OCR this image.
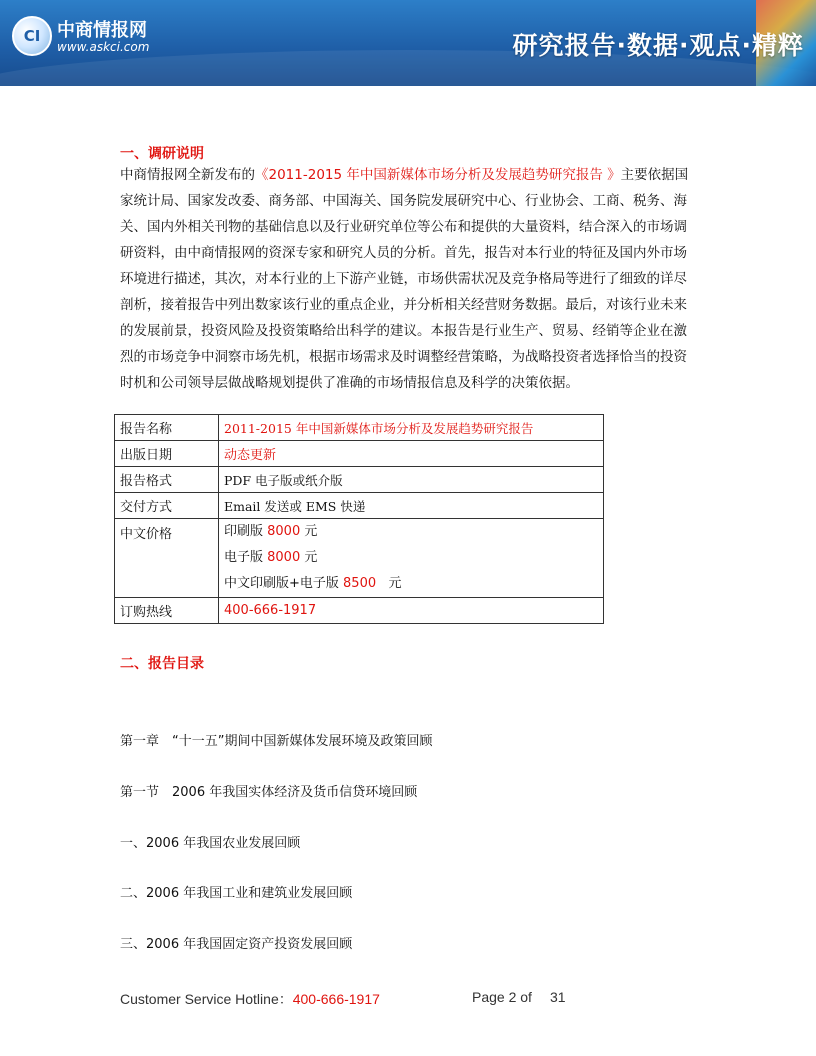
CI 中商情报网
www.askci.com	研究报告·数据·观点·精粹
一、调研说明
中商情报网全新发布的《2011-2015 年中国新媒体市场分析及发展趋势研究报告 》主要依据国家统计局、国家发改委、商务部、中国海关、国务院发展研究中心、行业协会、工商、税务、海关、国内外相关刊物的基础信息以及行业研究单位等公布和提供的大量资料，结合深入的市场调研资料，由中商情报网的资深专家和研究人员的分析。首先，报告对本行业的特征及国内外市场环境进行描述，其次，对本行业的上下游产业链，市场供需状况及竞争格局等进行了细致的详尽剖析，接着报告中列出数家该行业的重点企业，并分析相关经营财务数据。最后，对该行业未来的发展前景，投资风险及投资策略给出科学的建议。本报告是行业生产、贸易、经销等企业在激烈的市场竞争中洞察市场先机，根据市场需求及时调整经营策略，为战略投资者选择恰当的投资时机和公司领导层做战略规划提供了准确的市场情报信息及科学的决策依据。
报告名称	2011-2015 年中国新媒体市场分析及发展趋势研究报告
出版日期	动态更新
报告格式	PDF 电子版或纸介版
交付方式	Email 发送或 EMS 快递
中文价格	印刷版 8000 元
电子版 8000 元
中文印刷版+电子版 8500   元

订购热线	400-666-1917
二、报告目录
第一章　“十一五”期间中国新媒体发展环境及政策回顾
第一节　2006 年我国实体经济及货币信贷环境回顾
一、2006 年我国农业发展回顾
二、2006 年我国工业和建筑业发展回顾
三、2006 年我国固定资产投资发展回顾
Customer Service Hotline：400-666-1917	Page 2 of 31
